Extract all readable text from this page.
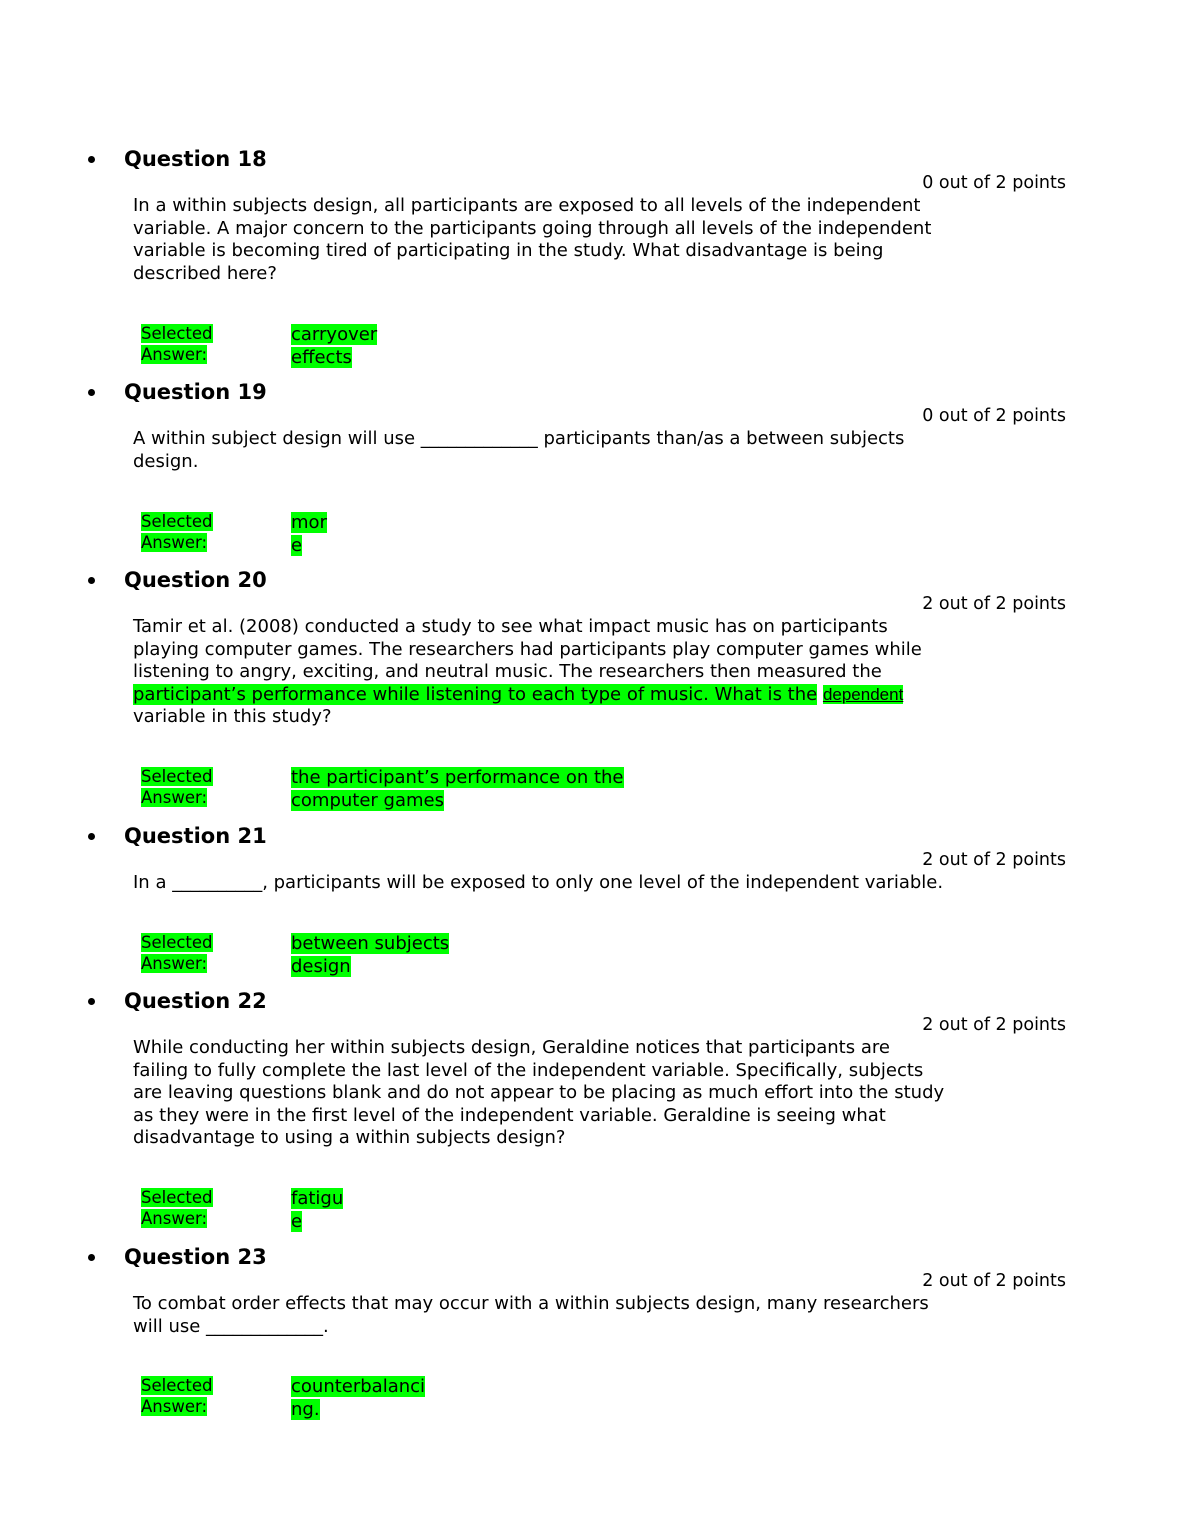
Question 18
0 out of 2 points
In a within subjects design, all participants are exposed to all levels of the independent
variable. A major concern to the participants going through all levels of the independent
variable is becoming tired of participating in the study. What disadvantage is being
described here?
Selected
Answer:
carryover
effects
Question 19
0 out of 2 points
A within subject design will use _____________ participants than/as a between subjects
design.
Selected
Answer:
mor
e
Question 20
2 out of 2 points
Tamir et al. (2008) conducted a study to see what impact music has on participants
playing computer games. The researchers had participants play computer games while
listening to angry, exciting, and neutral music. The researchers then measured the
participant’s performance while listening to each type of music. What is the dependent
variable in this study?
Selected
Answer:
the participant’s performance on the
computer games
Question 21
2 out of 2 points
In a __________, participants will be exposed to only one level of the independent variable.
Selected
Answer:
between subjects
design
Question 22
2 out of 2 points
While conducting her within subjects design, Geraldine notices that participants are
failing to fully complete the last level of the independent variable. Specifically, subjects
are leaving questions blank and do not appear to be placing as much effort into the study
as they were in the first level of the independent variable. Geraldine is seeing what
disadvantage to using a within subjects design?
Selected
Answer:
fatigu
e
Question 23
2 out of 2 points
To combat order effects that may occur with a within subjects design, many researchers
will use _____________.
Selected
Answer:
counterbalanci
ng.
